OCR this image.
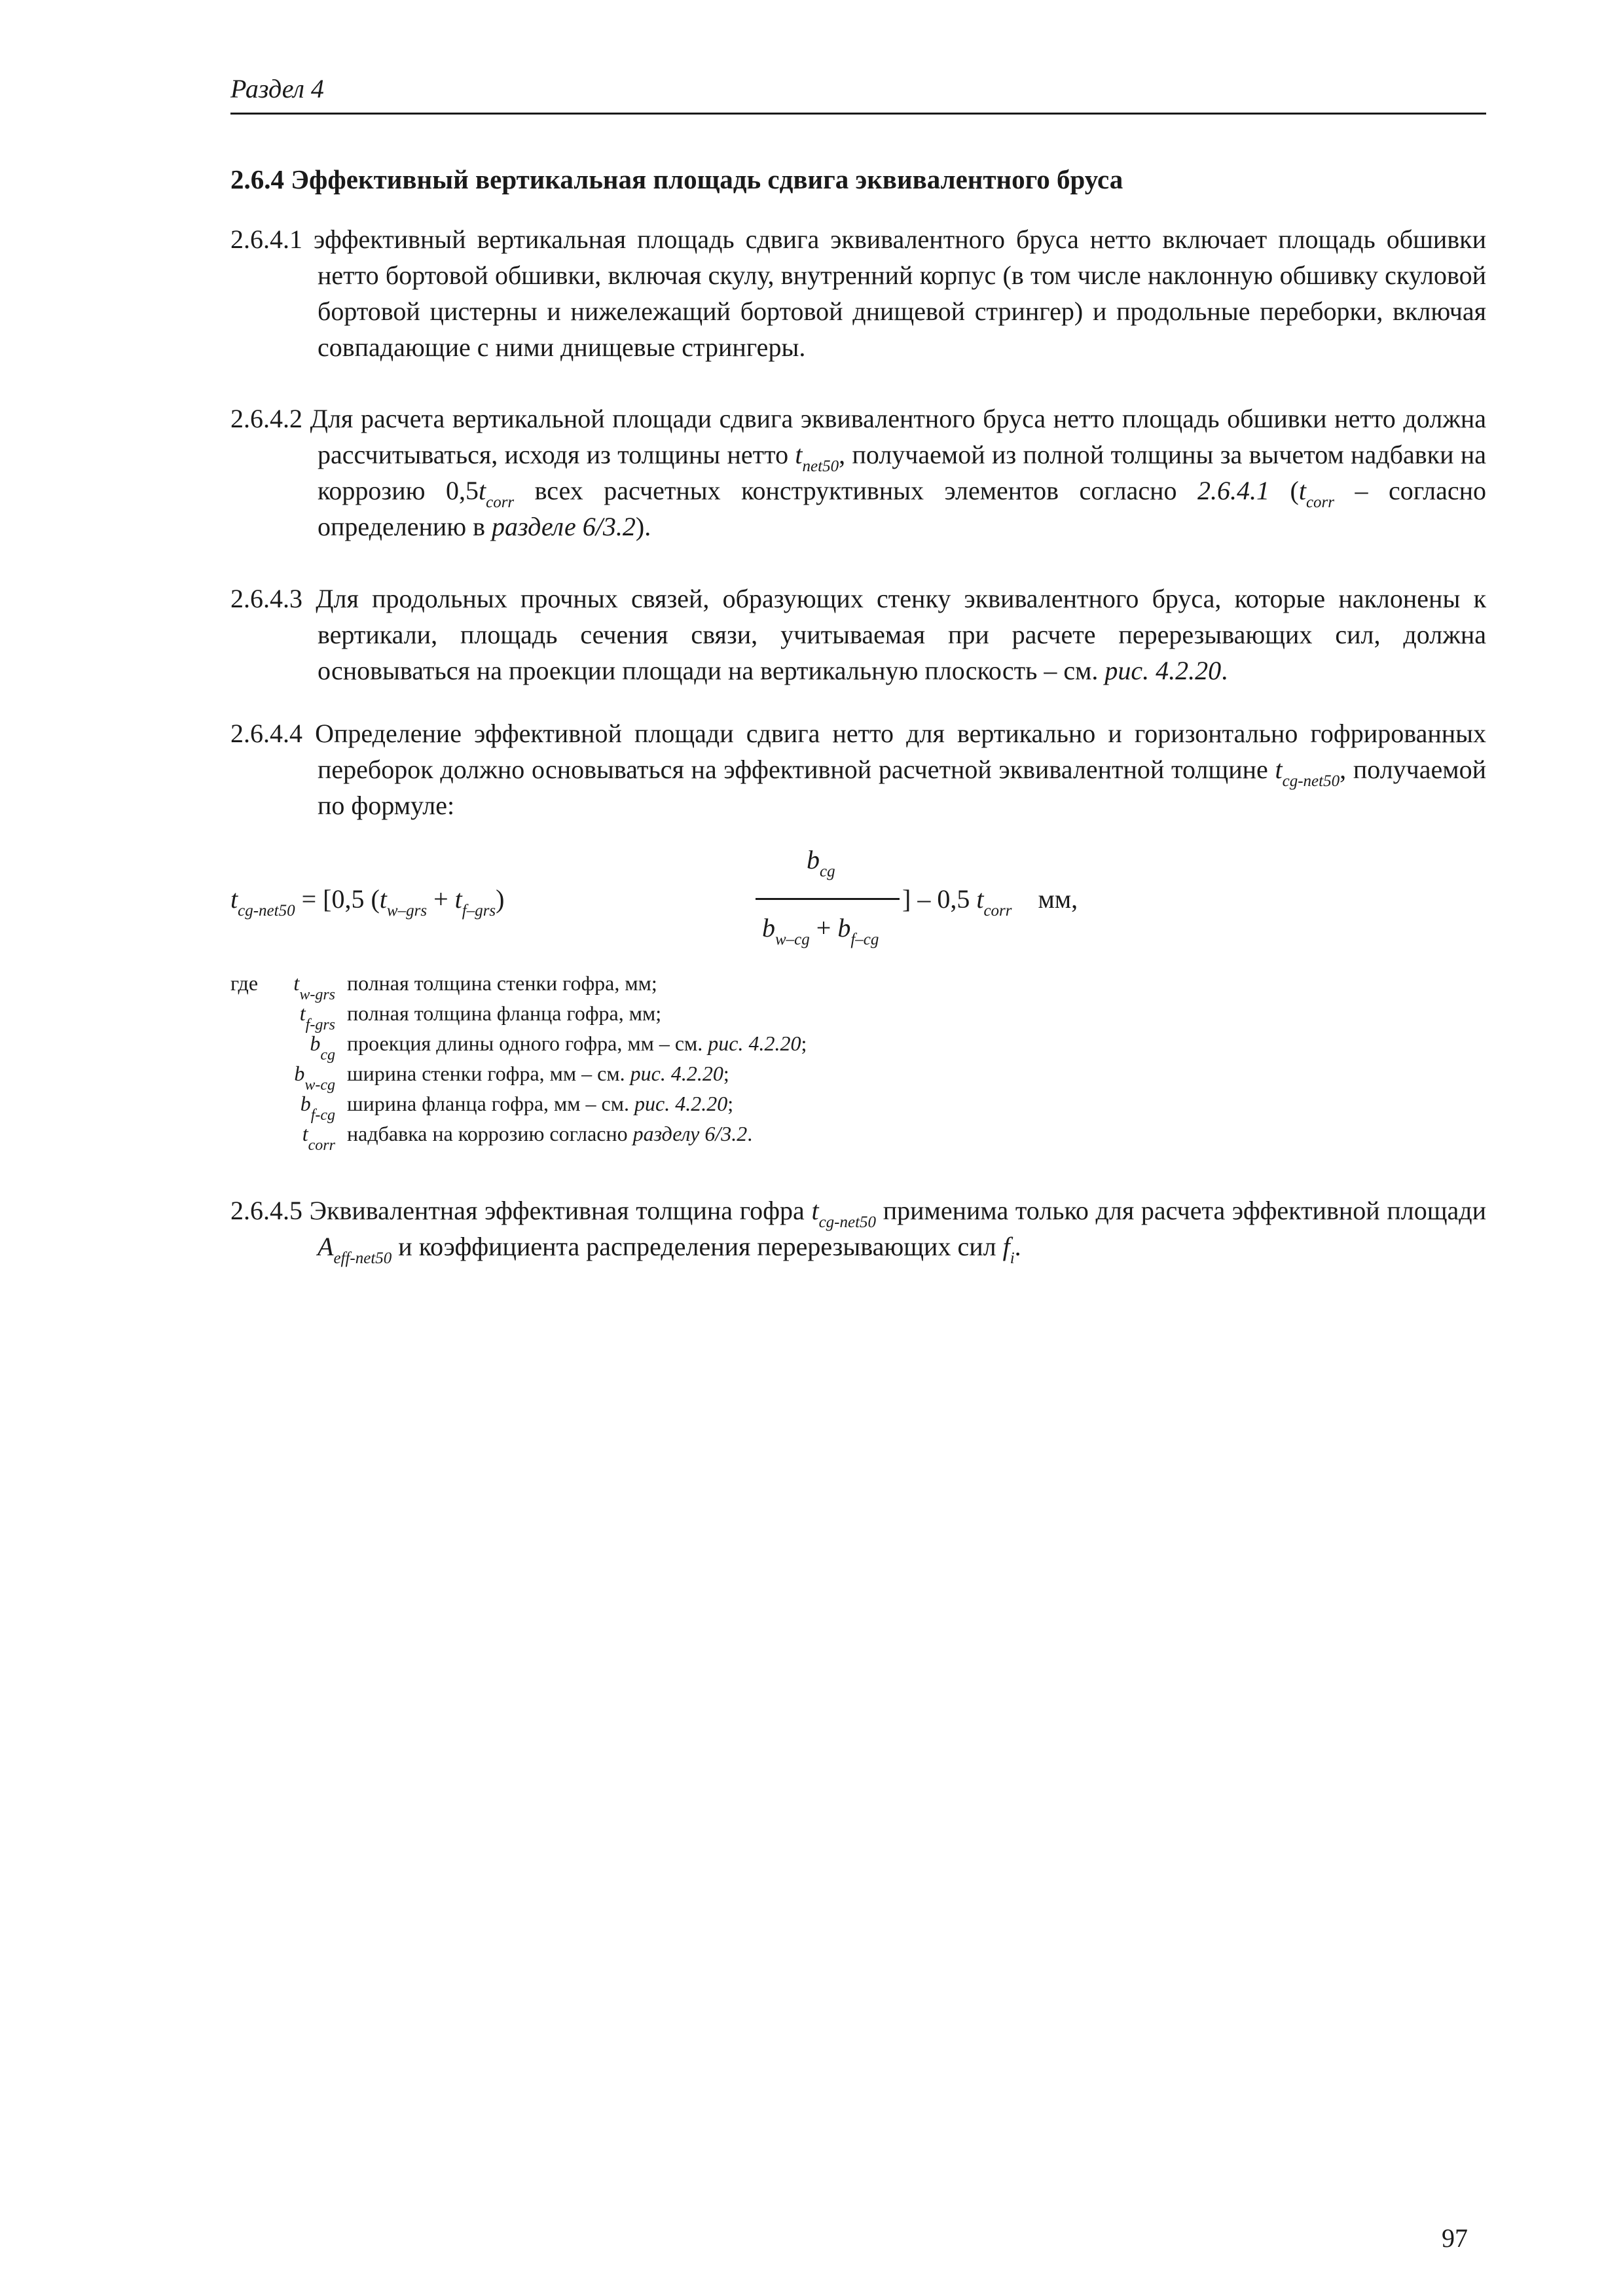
Раздел 4
2.6.4 Эффективный вертикальная площадь сдвига эквивалентного бруса
2.6.4.1 эффективный вертикальная площадь сдвига эквивалентного бруса нетто включает площадь обшивки нетто бортовой обшивки, включая скулу, внутренний корпус (в том числе наклонную обшивку скуловой бортовой цистерны и нижележащий бортовой днищевой стрингер) и продольные переборки, включая совпадающие с ними днищевые стрингеры.
2.6.4.2 Для расчета вертикальной площади сдвига эквивалентного бруса нетто площадь обшивки нетто должна рассчитываться, исходя из толщины нетто $t_{net50}$, получаемой из полной толщины за вычетом надбавки на коррозию $0,5t_{corr}$ всех расчетных конструктивных элементов согласно 2.6.4.1 ($t_{corr}$ – согласно определению в разделе 6/3.2).
2.6.4.3 Для продольных прочных связей, образующих стенку эквивалентного бруса, которые наклонены к вертикали, площадь сечения связи, учитываемая при расчете перерезывающих сил, должна основываться на проекции площади на вертикальную плоскость – см. рис. 4.2.20.
2.6.4.4 Определение эффективной площади сдвига нетто для вертикально и горизонтально гофрированных переборок должно основываться на эффективной расчетной эквивалентной толщине $t_{cg-net50}$, получаемой по формуле:
$t_{cg-net50} = [0,5$ $(t_{w-grs} + t_{f-grs})$
$b_{cg}$
$b_{w-cg} + b_{f-cg}$
] – 0,5 $t_{corr}$ мм,
где	$t_{w-grs}$ полная толщина стенки гофра, мм;
$t_{f-grs}$ полная толщина фланца гофра, мм;
$b_{cg}$ проекция длины одного гофра, мм – см. рис. 4.2.20;
$b_{w-cg}$ ширина стенки гофра, мм – см. рис. 4.2.20;
$b_{f-cg}$ ширина фланца гофра, мм – см. рис. 4.2.20;
$t_{corr}$ надбавка на коррозию согласно разделу 6/3.2.
2.6.4.5 Эквивалентная эффективная толщина гофра $t_{cg-net50}$ применима только для расчета эффективной площади $A_{eff-net50}$ и коэффициента распределения перерезывающих сил $f_i$.
97
